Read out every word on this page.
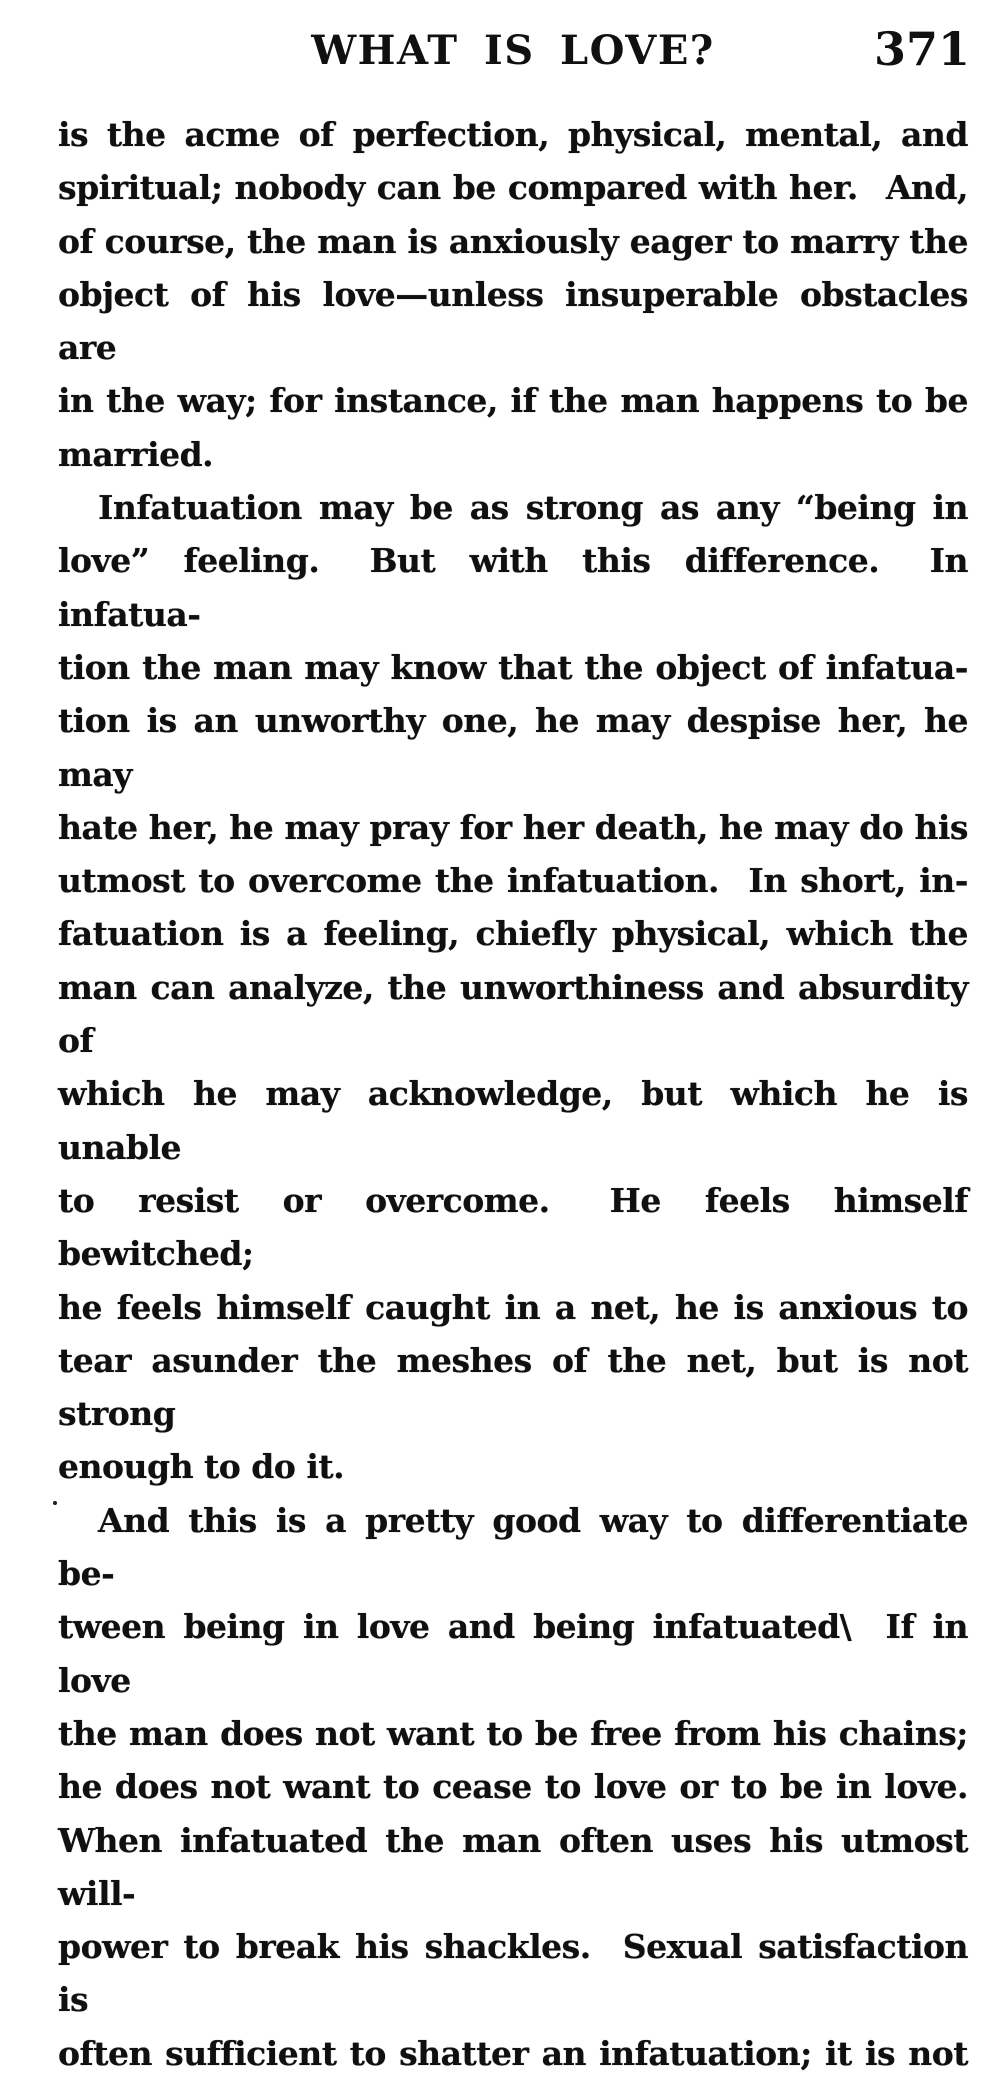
WHAT IS LOVE?	371
is the acme of perfection, physical, mental, and
spiritual; nobody can be compared with her.  And,
of course, the man is anxiously eager to marry the
object of his love—unless insuperable obstacles are
in the way; for instance, if the man happens to be
married.
Infatuation may be as strong as any “being in
love” feeling.  But with this difference.  In infatua-
tion the man may know that the object of infatua-
tion is an unworthy one, he may despise her, he may
hate her, he may pray for her death, he may do his
utmost to overcome the infatuation.  In short, in-
fatuation is a feeling, chiefly physical, which the
man can analyze, the unworthiness and absurdity of
which he may acknowledge, but which he is unable
to resist or overcome.  He feels himself bewitched;
he feels himself caught in a net, he is anxious to
tear asunder the meshes of the net, but is not strong
enough to do it.
And this is a pretty good way to differentiate be-
tween being in love and being infatuated\  If in love
the man does not want to be free from his chains;
he does not want to cease to love or to be in love.
When infatuated the man often uses his utmost will-
power to break his shackles.  Sexual satisfaction is
often sufficient to shatter an infatuation; it is not
